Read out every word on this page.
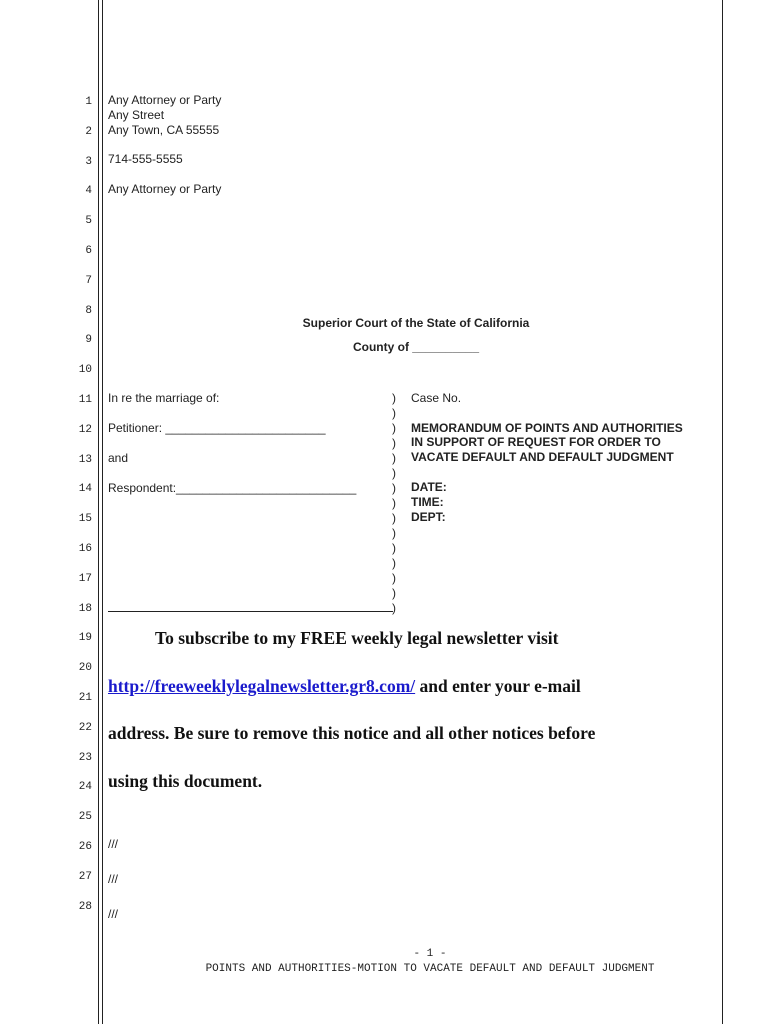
1
2
3
4
5
6
7
8
9
10
11
12
13
14
15
16
17
18
19
20
21
22
23
24
25
26
27
28
Any Attorney or Party
Any Street
Any Town, CA 55555
714-555-5555
Any Attorney or Party
Superior Court of the State of California
County of __________
In re the marriage of:
Petitioner: ________________________
and
Respondent:___________________________
)
)
)
)
)
)
)
)
)
)
)
)
)
)
)
Case No.
MEMORANDUM OF POINTS AND AUTHORITIES
IN SUPPORT OF REQUEST FOR ORDER TO
VACATE DEFAULT AND DEFAULT JUDGMENT
DATE:
TIME:
DEPT:
To subscribe to my FREE weekly legal newsletter visit
http://freeweeklylegalnewsletter.gr8.com/ and enter your e-mail
address. Be sure to remove this notice and all other notices before
using this document.
///
///
///
- 1 -
POINTS AND AUTHORITIES-MOTION TO VACATE DEFAULT AND DEFAULT JUDGMENT
